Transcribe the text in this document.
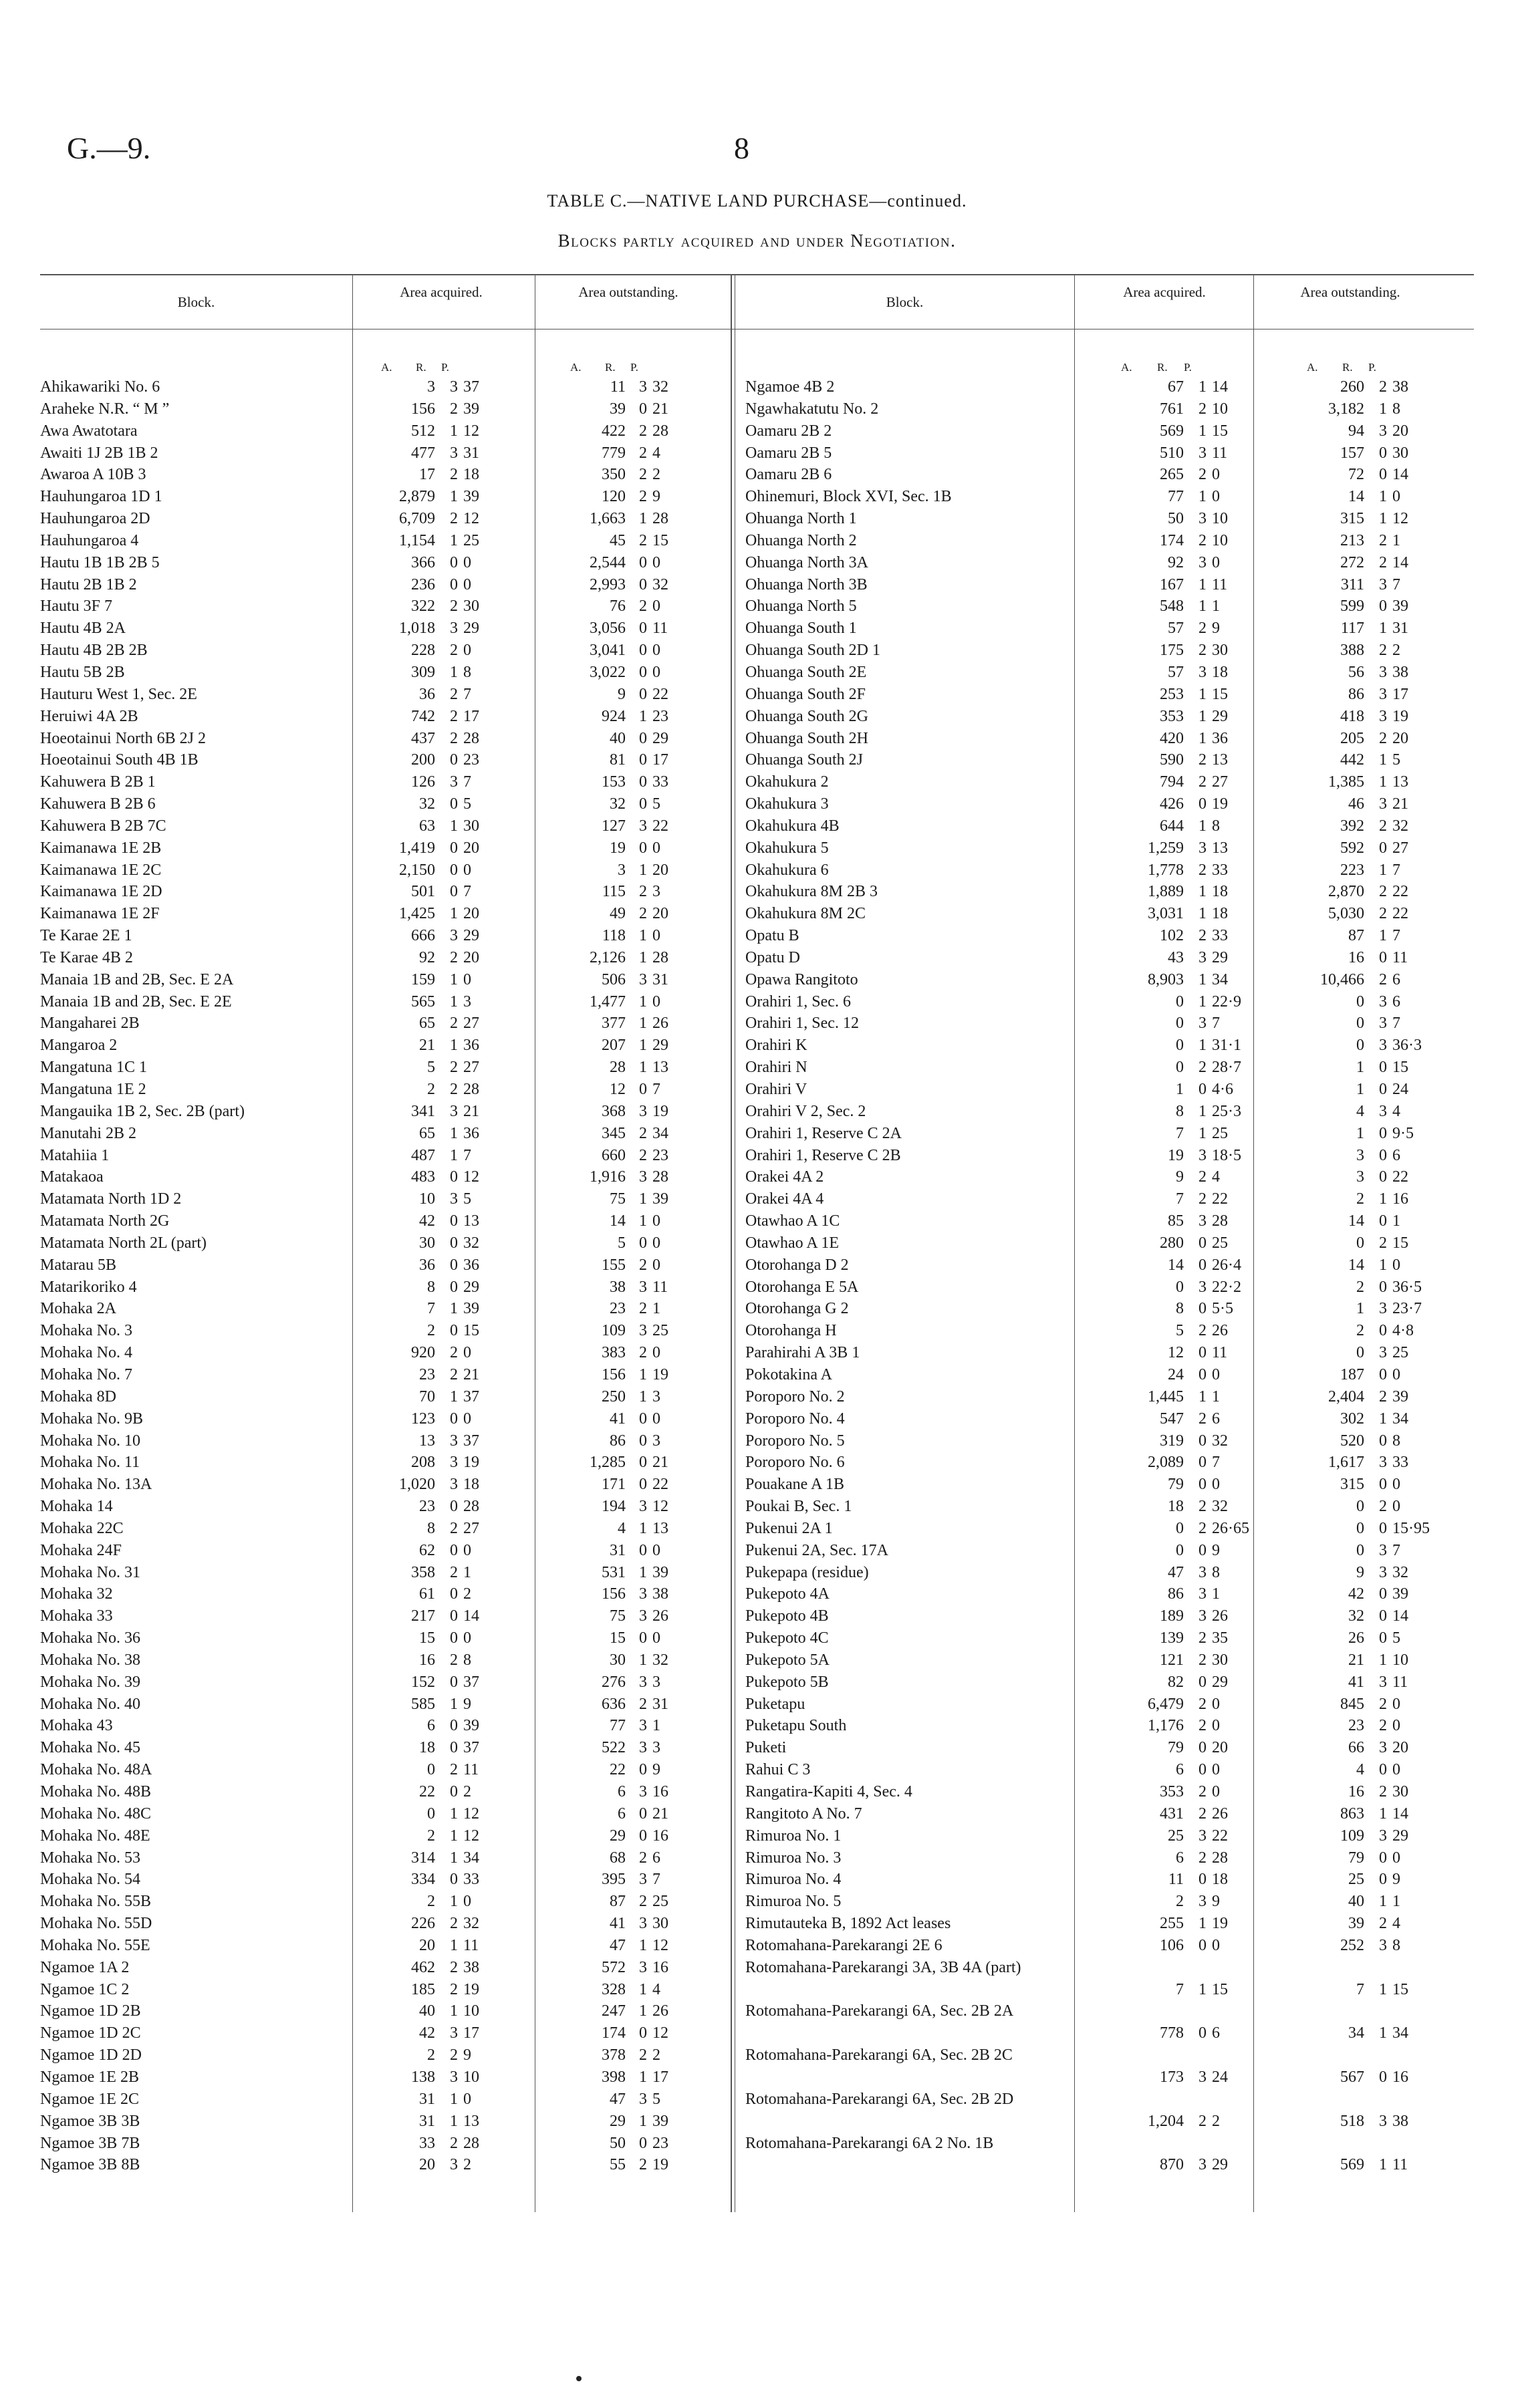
G.—9.	8
TABLE C.—NATIVE LAND PURCHASE—continued.
Blocks partly acquired and under Negotiation.
Block.
Area acquired.	Area outstanding.
Block.
Area acquired.	Area outstanding.
A. R. P.	A. R. P.	A. R. P.	A. R. P.
Ahikawariki No. 6	3 3 37	11 3 32
Araheke N.R. “ M ”	156 2 39	39 0 21
Awa Awatotara	512 1 12	422 2 28
Awaiti 1J 2B 1B 2	477 3 31	779 2 4
Awaroa A 10B 3	17 2 18	350 2 2
Hauhungaroa 1D 1	2,879 1 39	120 2 9
Hauhungaroa 2D	6,709 2 12	1,663 1 28
Hauhungaroa 4	1,154 1 25	45 2 15
Hautu 1B 1B 2B 5	366 0 0	2,544 0 0
Hautu 2B 1B 2	236 0 0	2,993 0 32
Hautu 3F 7	322 2 30	76 2 0
Hautu 4B 2A	1,018 3 29	3,056 0 11
Hautu 4B 2B 2B	228 2 0	3,041 0 0
Hautu 5B 2B	309 1 8	3,022 0 0
Hauturu West 1, Sec. 2E	36 2 7	9 0 22
Heruiwi 4A 2B	742 2 17	924 1 23
Hoeotainui North 6B 2J 2	437 2 28	40 0 29
Hoeotainui South 4B 1B	200 0 23	81 0 17
Kahuwera B 2B 1	126 3 7	153 0 33
Kahuwera B 2B 6	32 0 5	32 0 5
Kahuwera B 2B 7C	63 1 30	127 3 22
Kaimanawa 1E 2B	1,419 0 20	19 0 0
Kaimanawa 1E 2C	2,150 0 0	3 1 20
Kaimanawa 1E 2D	501 0 7	115 2 3
Kaimanawa 1E 2F	1,425 1 20	49 2 20
Te Karae 2E 1	666 3 29	118 1 0
Te Karae 4B 2	92 2 20	2,126 1 28
Manaia 1B and 2B, Sec. E 2A	159 1 0	506 3 31
Manaia 1B and 2B, Sec. E 2E	565 1 3	1,477 1 0
Mangaharei 2B	65 2 27	377 1 26
Mangaroa 2	21 1 36	207 1 29
Mangatuna 1C 1	5 2 27	28 1 13
Mangatuna 1E 2	2 2 28	12 0 7
Mangauika 1B 2, Sec. 2B (part)	341 3 21	368 3 19
Manutahi 2B 2	65 1 36	345 2 34
Matahiia 1	487 1 7	660 2 23
Matakaoa	483 0 12	1,916 3 28
Matamata North 1D 2	10 3 5	75 1 39
Matamata North 2G	42 0 13	14 1 0
Matamata North 2L (part)	30 0 32	5 0 0
Matarau 5B	36 0 36	155 2 0
Matarikoriko 4	8 0 29	38 3 11
Mohaka 2A	7 1 39	23 2 1
Mohaka No. 3	2 0 15	109 3 25
Mohaka No. 4	920 2 0	383 2 0
Mohaka No. 7	23 2 21	156 1 19
Mohaka 8D	70 1 37	250 1 3
Mohaka No. 9B	123 0 0	41 0 0
Mohaka No. 10	13 3 37	86 0 3
Mohaka No. 11	208 3 19	1,285 0 21
Mohaka No. 13A	1,020 3 18	171 0 22
Mohaka 14	23 0 28	194 3 12
Mohaka 22C	8 2 27	4 1 13
Mohaka 24F	62 0 0	31 0 0
Mohaka No. 31	358 2 1	531 1 39
Mohaka 32	61 0 2	156 3 38
Mohaka 33	217 0 14	75 3 26
Mohaka No. 36	15 0 0	15 0 0
Mohaka No. 38	16 2 8	30 1 32
Mohaka No. 39	152 0 37	276 3 3
Mohaka No. 40	585 1 9	636 2 31
Mohaka 43	6 0 39	77 3 1
Mohaka No. 45	18 0 37	522 3 3
Mohaka No. 48A	0 2 11	22 0 9
Mohaka No. 48B	22 0 2	6 3 16
Mohaka No. 48C	0 1 12	6 0 21
Mohaka No. 48E	2 1 12	29 0 16
Mohaka No. 53	314 1 34	68 2 6
Mohaka No. 54	334 0 33	395 3 7
Mohaka No. 55B	2 1 0	87 2 25
Mohaka No. 55D	226 2 32	41 3 30
Mohaka No. 55E	20 1 11	47 1 12
Ngamoe 1A 2	462 2 38	572 3 16
Ngamoe 1C 2	185 2 19	328 1 4
Ngamoe 1D 2B	40 1 10	247 1 26
Ngamoe 1D 2C	42 3 17	174 0 12
Ngamoe 1D 2D	2 2 9	378 2 2
Ngamoe 1E 2B	138 3 10	398 1 17
Ngamoe 1E 2C	31 1 0	47 3 5
Ngamoe 3B 3B	31 1 13	29 1 39
Ngamoe 3B 7B	33 2 28	50 0 23
Ngamoe 3B 8B	20 3 2	55 2 19
Ngamoe 4B 2	67 1 14	260 2 38
Ngawhakatutu No. 2	761 2 10	3,182 1 8
Oamaru 2B 2	569 1 15	94 3 20
Oamaru 2B 5	510 3 11	157 0 30
Oamaru 2B 6	265 2 0	72 0 14
Ohinemuri, Block XVI, Sec. 1B	77 1 0	14 1 0
Ohuanga North 1	50 3 10	315 1 12
Ohuanga North 2	174 2 10	213 2 1
Ohuanga North 3A	92 3 0	272 2 14
Ohuanga North 3B	167 1 11	311 3 7
Ohuanga North 5	548 1 1	599 0 39
Ohuanga South 1	57 2 9	117 1 31
Ohuanga South 2D 1	175 2 30	388 2 2
Ohuanga South 2E	57 3 18	56 3 38
Ohuanga South 2F	253 1 15	86 3 17
Ohuanga South 2G	353 1 29	418 3 19
Ohuanga South 2H	420 1 36	205 2 20
Ohuanga South 2J	590 2 13	442 1 5
Okahukura 2	794 2 27	1,385 1 13
Okahukura 3	426 0 19	46 3 21
Okahukura 4B	644 1 8	392 2 32
Okahukura 5	1,259 3 13	592 0 27
Okahukura 6	1,778 2 33	223 1 7
Okahukura 8M 2B 3	1,889 1 18	2,870 2 22
Okahukura 8M 2C	3,031 1 18	5,030 2 22
Opatu B	102 2 33	87 1 7
Opatu D	43 3 29	16 0 11
Opawa Rangitoto	8,903 1 34	10,466 2 6
Orahiri 1, Sec. 6	0 1 22·9	0 3 6
Orahiri 1, Sec. 12	0 3 7	0 3 7
Orahiri K	0 1 31·1	0 3 36·3
Orahiri N	0 2 28·7	1 0 15
Orahiri V	1 0 4·6	1 0 24
Orahiri V 2, Sec. 2	8 1 25·3	4 3 4
Orahiri 1, Reserve C 2A	7 1 25	1 0 9·5
Orahiri 1, Reserve C 2B	19 3 18·5	3 0 6
Orakei 4A 2	9 2 4	3 0 22
Orakei 4A 4	7 2 22	2 1 16
Otawhao A 1C	85 3 28	14 0 1
Otawhao A 1E	280 0 25	0 2 15
Otorohanga D 2	14 0 26·4	14 1 0
Otorohanga E 5A	0 3 22·2	2 0 36·5
Otorohanga G 2	8 0 5·5	1 3 23·7
Otorohanga H	5 2 26	2 0 4·8
Parahirahi A 3B 1	12 0 11	0 3 25
Pokotakina A	24 0 0	187 0 0
Poroporo No. 2	1,445 1 1	2,404 2 39
Poroporo No. 4	547 2 6	302 1 34
Poroporo No. 5	319 0 32	520 0 8
Poroporo No. 6	2,089 0 7	1,617 3 33
Pouakane A 1B	79 0 0	315 0 0
Poukai B, Sec. 1	18 2 32	0 2 0
Pukenui 2A 1	0 2 26·65	0 0 15·95
Pukenui 2A, Sec. 17A	0 0 9	0 3 7
Pukepapa (residue)	47 3 8	9 3 32
Pukepoto 4A	86 3 1	42 0 39
Pukepoto 4B	189 3 26	32 0 14
Pukepoto 4C	139 2 35	26 0 5
Pukepoto 5A	121 2 30	21 1 10
Pukepoto 5B	82 0 29	41 3 11
Puketapu	6,479 2 0	845 2 0
Puketapu South	1,176 2 0	23 2 0
Puketi	79 0 20	66 3 20
Rahui C 3	6 0 0	4 0 0
Rangatira-Kapiti 4, Sec. 4	353 2 0	16 2 30
Rangitoto A No. 7	431 2 26	863 1 14
Rimuroa No. 1	25 3 22	109 3 29
Rimuroa No. 3	6 2 28	79 0 0
Rimuroa No. 4	11 0 18	25 0 9
Rimuroa No. 5	2 3 9	40 1 1
Rimutauteka B, 1892 Act leases	255 1 19	39 2 4
Rotomahana-Parekarangi 2E 6	106 0 0	252 3 8
Rotomahana-Parekarangi 3A, 3B 4A (part)
7 1 15	7 1 15
Rotomahana-Parekarangi 6A, Sec. 2B 2A
778 0 6	34 1 34
Rotomahana-Parekarangi 6A, Sec. 2B 2C
173 3 24	567 0 16
Rotomahana-Parekarangi 6A, Sec. 2B 2D
1,204 2 2	518 3 38
Rotomahana-Parekarangi 6A 2 No. 1B
870 3 29	569 1 11
